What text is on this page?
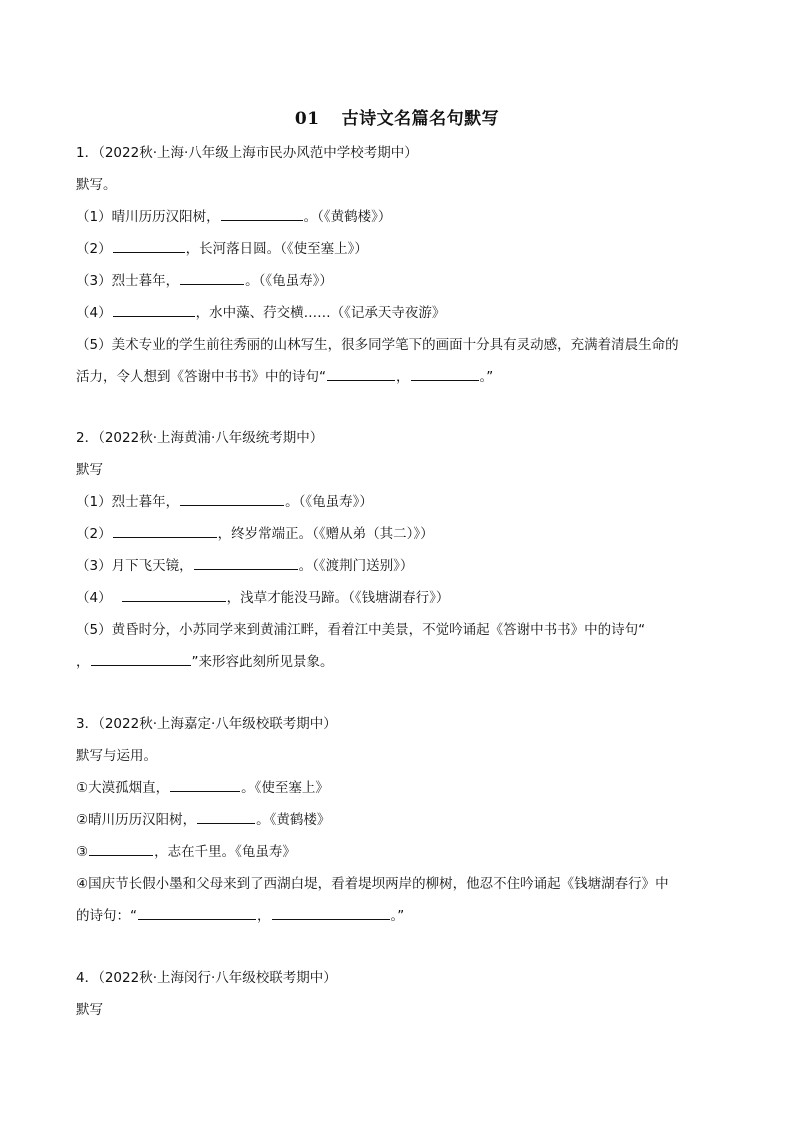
01 古诗文名篇名句默写
1．（2022秋·上海·八年级上海市民办风范中学校考期中）
默写。
（1）晴川历历汉阳树，	。（《黄鹤楼》）
（2）	，长河落日圆。（《使至塞上》）
（3）烈士暮年，	。（《龟虽寿》）
（4）	，水中藻、荇交横……（《记承天寺夜游》
（5）美术专业的学生前往秀丽的山林写生，很多同学笔下的画面十分具有灵动感，充满着清晨生命的
活力，令人想到《答谢中书书》中的诗句“	，	。”
2．（2022秋·上海黄浦·八年级统考期中）
默写
（1）烈士暮年，	。（《龟虽寿》）
（2）	，终岁常端正。（《赠从弟（其二）》）
（3）月下飞天镜，	。（《渡荆门送别》）
（4）	，浅草才能没马蹄。（《钱塘湖春行》）
（5）黄昏时分，小苏同学来到黄浦江畔，看着江中美景，不觉吟诵起《答谢中书书》中的诗句“
，	”来形容此刻所见景象。
3．（2022秋·上海嘉定·八年级校联考期中）
默写与运用。
①大漠孤烟直，	。《使至塞上》
②晴川历历汉阳树，	。《黄鹤楼》
③	，志在千里。《龟虽寿》
④国庆节长假小墨和父母来到了西湖白堤，看着堤坝两岸的柳树，他忍不住吟诵起《钱塘湖春行》中
的诗句：“	，	。”
4．（2022秋·上海闵行·八年级校联考期中）
默写
